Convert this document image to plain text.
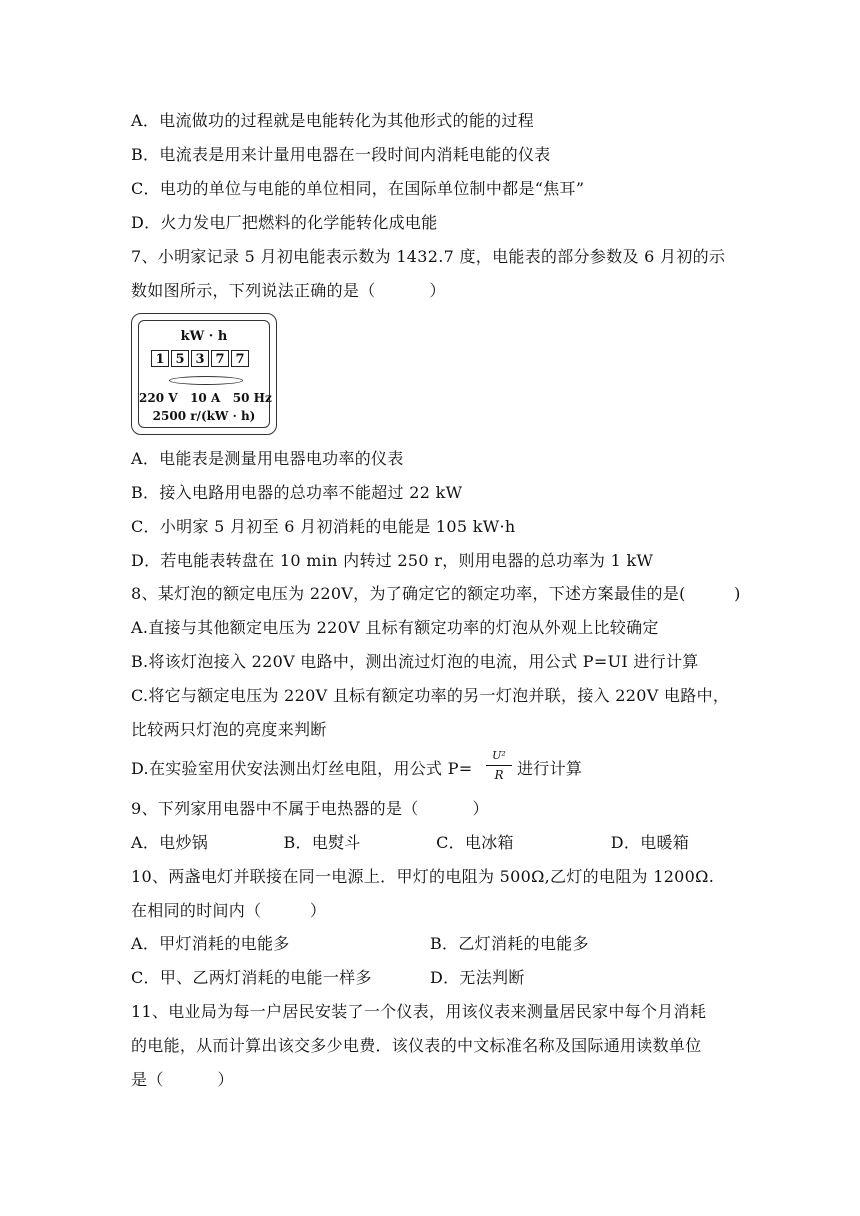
A．电流做功的过程就是电能转化为其他形式的能的过程
B．电流表是用来计量用电器在一段时间内消耗电能的仪表
C．电功的单位与电能的单位相同，在国际单位制中都是“焦耳”
D．火力发电厂把燃料的化学能转化成电能
7、小明家记录 5 月初电能表示数为 1432.7 度，电能表的部分参数及 6 月初的示
数如图所示，下列说法正确的是（          ）
kW · h
1 5 3 7 7
220 V   10 A   50 Hz
2500 r/(kW · h)
A．电能表是测量用电器电功率的仪表
B．接入电路用电器的总功率不能超过 22 kW
C．小明家 5 月初至 6 月初消耗的电能是 105 kW·h
D．若电能表转盘在 10 min 内转过 250 r，则用电器的总功率为 1 kW
8、某灯泡的额定电压为 220V，为了确定它的额定功率，下述方案最佳的是(         )
A.直接与其他额定电压为 220V 且标有额定功率的灯泡从外观上比较确定
B.将该灯泡接入 220V 电路中，测出流过灯泡的电流，用公式 P=UI 进行计算
C.将它与额定电压为 220V 且标有额定功率的另一灯泡并联，接入 220V 电路中，
比较两只灯泡的亮度来判断
D.在实验室用伏安法测出灯丝电阻，用公式 P=
U²
R 进行计算
9、下列家用电器中不属于电热器的是（          ）
A．电炒锅              B．电熨斗              C．电冰箱                  D．电暖箱
10、两盏电灯并联接在同一电源上．甲灯的电阻为 500Ω,乙灯的电阻为 1200Ω.
在相同的时间内（         ）
A．甲灯消耗的电能多	B．乙灯消耗的电能多
C．甲、乙两灯消耗的电能一样多	D．无法判断
11、电业局为每一户居民安装了一个仪表，用该仪表来测量居民家中每个月消耗
的电能，从而计算出该交多少电费．该仪表的中文标准名称及国际通用读数单位
是（          ）
